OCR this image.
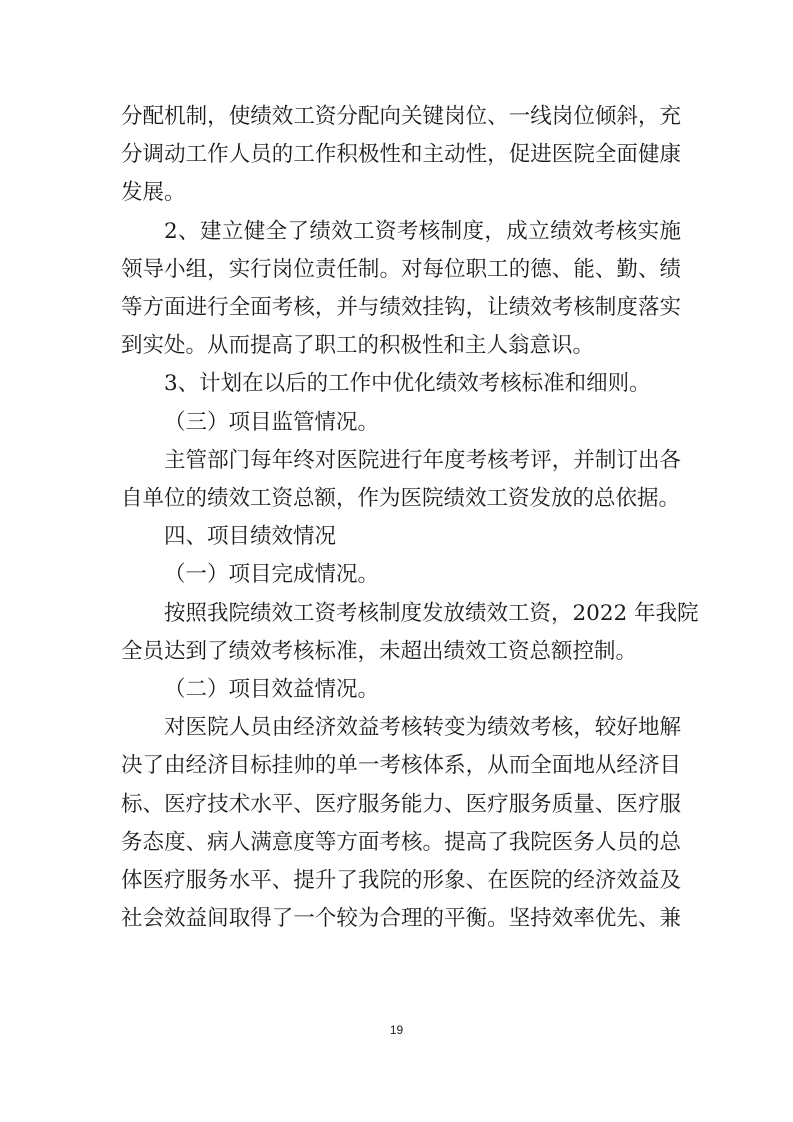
分配机制，使绩效工资分配向关键岗位、一线岗位倾斜，充
分调动工作人员的工作积极性和主动性，促进医院全面健康
发展。
2、建立健全了绩效工资考核制度，成立绩效考核实施
领导小组，实行岗位责任制。对每位职工的德、能、勤、绩
等方面进行全面考核，并与绩效挂钩，让绩效考核制度落实
到实处。从而提高了职工的积极性和主人翁意识。
3、计划在以后的工作中优化绩效考核标准和细则。
（三）项目监管情况。
主管部门每年终对医院进行年度考核考评，并制订出各
自单位的绩效工资总额，作为医院绩效工资发放的总依据。
四、项目绩效情况
（一）项目完成情况。
按照我院绩效工资考核制度发放绩效工资，2022 年我院
全员达到了绩效考核标准，未超出绩效工资总额控制。
（二）项目效益情况。
对医院人员由经济效益考核转变为绩效考核，较好地解
决了由经济目标挂帅的单一考核体系，从而全面地从经济目
标、医疗技术水平、医疗服务能力、医疗服务质量、医疗服
务态度、病人满意度等方面考核。提高了我院医务人员的总
体医疗服务水平、提升了我院的形象、在医院的经济效益及
社会效益间取得了一个较为合理的平衡。坚持效率优先、兼
19
